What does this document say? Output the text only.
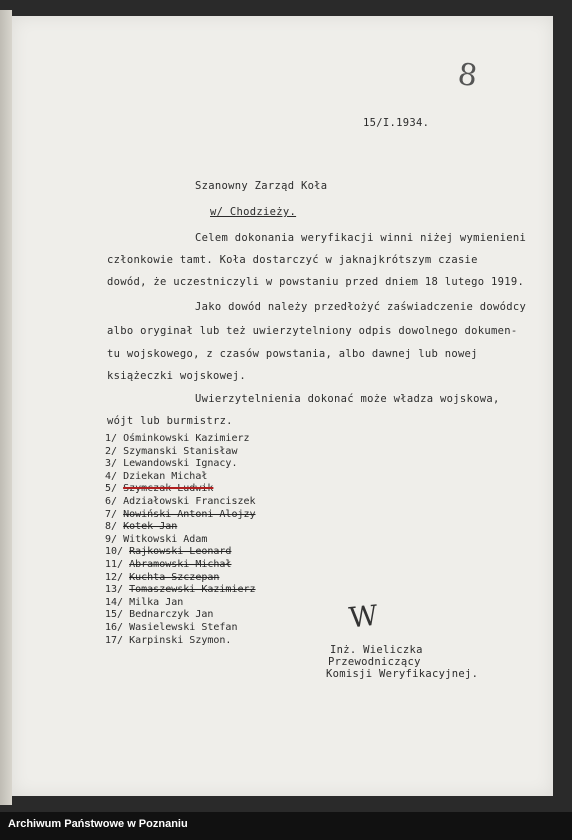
8
15/I.1934.
Szanowny Zarząd Koła
w/ Chodzieży.
Celem dokonania weryfikacji winni niżej wymienieni
członkowie tamt. Koła dostarczyć w jaknajkrótszym czasie
dowód, że uczestniczyli w powstaniu przed dniem 18 lutego 1919.
Jako dowód należy przedłożyć zaświadczenie dowódcy
albo oryginał lub też uwierzytelniony odpis dowolnego dokumen-
tu wojskowego, z czasów powstania, albo dawnej lub nowej
książeczki wojskowej.
Uwierzytelnienia dokonać może władza wojskowa,
wójt lub burmistrz.
1/ Ośminkowski Kazimierz
2/ Szymanski Stanisław
3/ Lewandowski Ignacy.
4/ Dziekan Michał
5/ Szymczak Ludwik
6/ Adziałowski Franciszek
7/ Nowiński Antoni Alojzy
8/ Kotek Jan
9/ Witkowski Adam
10/ Rajkowski Leonard
11/ Abramowski Michał
12/ Kuchta Szczepan
13/ Tomaszewski Kazimierz
14/ Milka Jan
15/ Bednarczyk Jan
16/ Wasielewski Stefan
17/ Karpinski Szymon.
W
Inż. Wieliczka
Przewodniczący
Komisji Weryfikacyjnej.
Archiwum Państwowe w Poznaniu
